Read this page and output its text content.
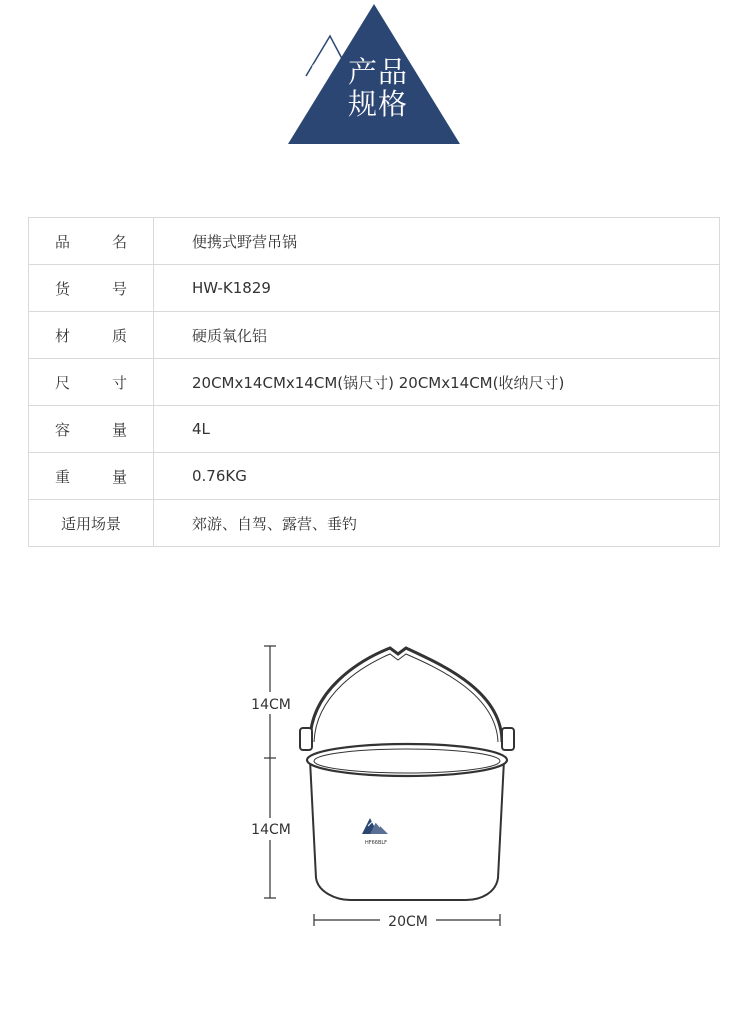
产品
规格
品名	便携式野营吊锅
货号	HW-K1829
材质	硬质氧化铝
尺寸	20CMx14CMx14CM(锅尺寸) 20CMx14CM(收纳尺寸)
容量	4L
重量	0.76KG
适用场景	郊游、自驾、露营、垂钓
14CM
14CM
HF66BLF
20CM
